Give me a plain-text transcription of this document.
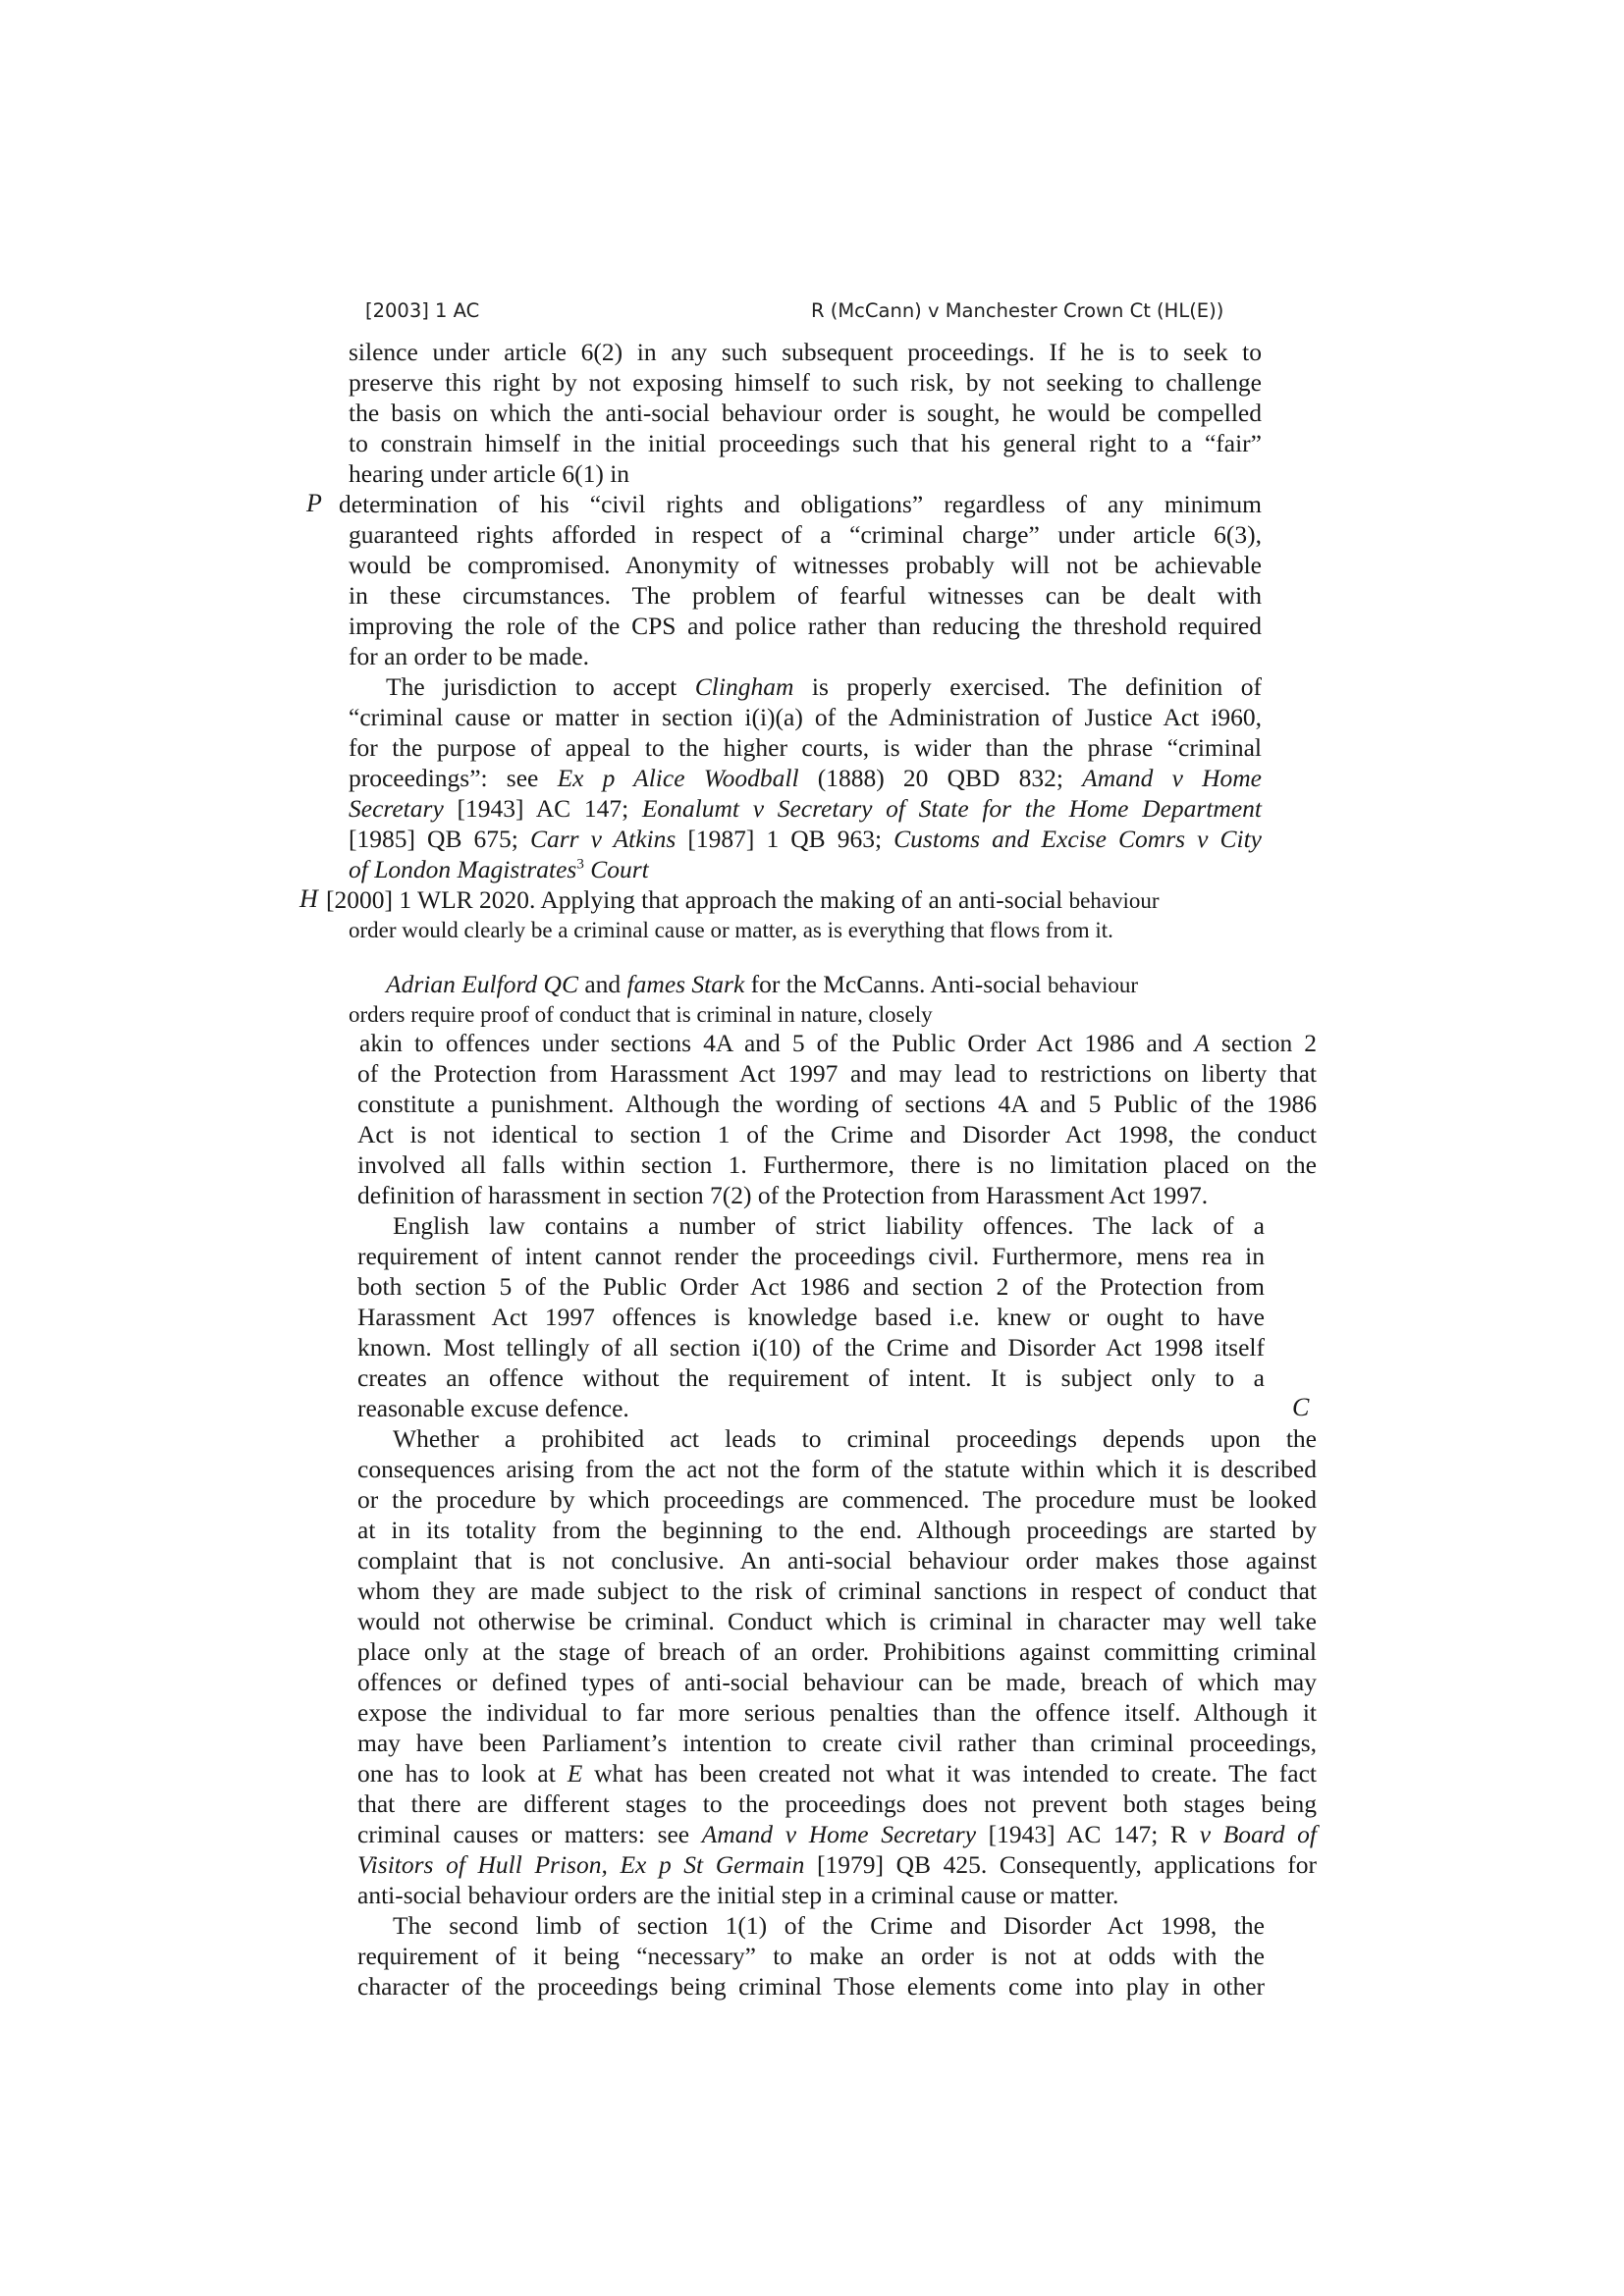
[2003] 1 AC	R (McCann) v Manchester Crown Ct (HL(E))
silence under article 6(2) in any such subsequent proceedings. If he is to seek to
preserve this right by not exposing himself to such risk, by not seeking to challenge
the basis on which the anti-social behaviour order is sought, he would be compelled
to constrain himself in the initial proceedings such that his general right to a “fair”
hearing under article 6(1) in
P determination of his “civil rights and obligations” regardless of any minimum
guaranteed rights afforded in respect of a “criminal charge” under article 6(3),
would be compromised. Anonymity of witnesses probably will not be achievable
in these circumstances. The problem of fearful witnesses can be dealt with
improving the role of the CPS and police rather than reducing the threshold required
for an order to be made.
The jurisdiction to accept Clingham is properly exercised. The definition of
“criminal cause or matter in section i(i)(a) of the Administration of Justice Act i960,
for the purpose of appeal to the higher courts, is wider than the phrase “criminal
proceedings”: see Ex p Alice Woodball (1888) 20 QBD 832; Amand v Home
Secretary [1943] AC 147; Eonalumt v Secretary of State for the Home Department
[1985] QB 675; Carr v Atkins [1987] 1 QB 963; Customs and Excise Comrs v City
of London Magistrates$^3$ Court
H [2000] 1 WLR 2020. Applying that approach the making of an anti-social behaviour
order would clearly be a criminal cause or matter, as is everything that flows from it.
Adrian Eulford QC and fames Stark for the McCanns. Anti-social behaviour
orders require proof of conduct that is criminal in nature, closely
akin to offences under sections 4A and 5 of the Public Order Act 1986 and A section 2
of the Protection from Harassment Act 1997 and may lead to restrictions on liberty that
constitute a punishment. Although the wording of sections 4A and 5 Public of the 1986
Act is not identical to section 1 of the Crime and Disorder Act 1998, the conduct
involved all falls within section 1. Furthermore, there is no limitation placed on the
definition of harassment in section 7(2) of the Protection from Harassment Act 1997.
English law contains a number of strict liability offences. The lack of a
requirement of intent cannot render the proceedings civil. Furthermore, mens rea in
both section 5 of the Public Order Act 1986 and section 2 of the Protection from
Harassment Act 1997 offences is knowledge based i.e. knew or ought to have
known. Most tellingly of all section i(10) of the Crime and Disorder Act 1998 itself
creates an offence without the requirement of intent. It is subject only to a
reasonable excuse defence.	C
Whether a prohibited act leads to criminal proceedings depends upon the
consequences arising from the act not the form of the statute within which it is described
or the procedure by which proceedings are commenced. The procedure must be looked
at in its totality from the beginning to the end. Although proceedings are started by
complaint that is not conclusive. An anti-social behaviour order makes those against
whom they are made subject to the risk of criminal sanctions in respect of conduct that
would not otherwise be criminal. Conduct which is criminal in character may well take
place only at the stage of breach of an order. Prohibitions against committing criminal
offences or defined types of anti-social behaviour can be made, breach of which may
expose the individual to far more serious penalties than the offence itself. Although it
may have been Parliament’s intention to create civil rather than criminal proceedings,
one has to look at E what has been created not what it was intended to create. The fact
that there are different stages to the proceedings does not prevent both stages being
criminal causes or matters: see Amand v Home Secretary [1943] AC 147; R v Board of
Visitors of Hull Prison, Ex p St Germain [1979] QB 425. Consequently, applications for
anti-social behaviour orders are the initial step in a criminal cause or matter.
The second limb of section 1(1) of the Crime and Disorder Act 1998, the
requirement of it being “necessary” to make an order is not at odds with the
character of the proceedings being criminal Those elements come into play in other
